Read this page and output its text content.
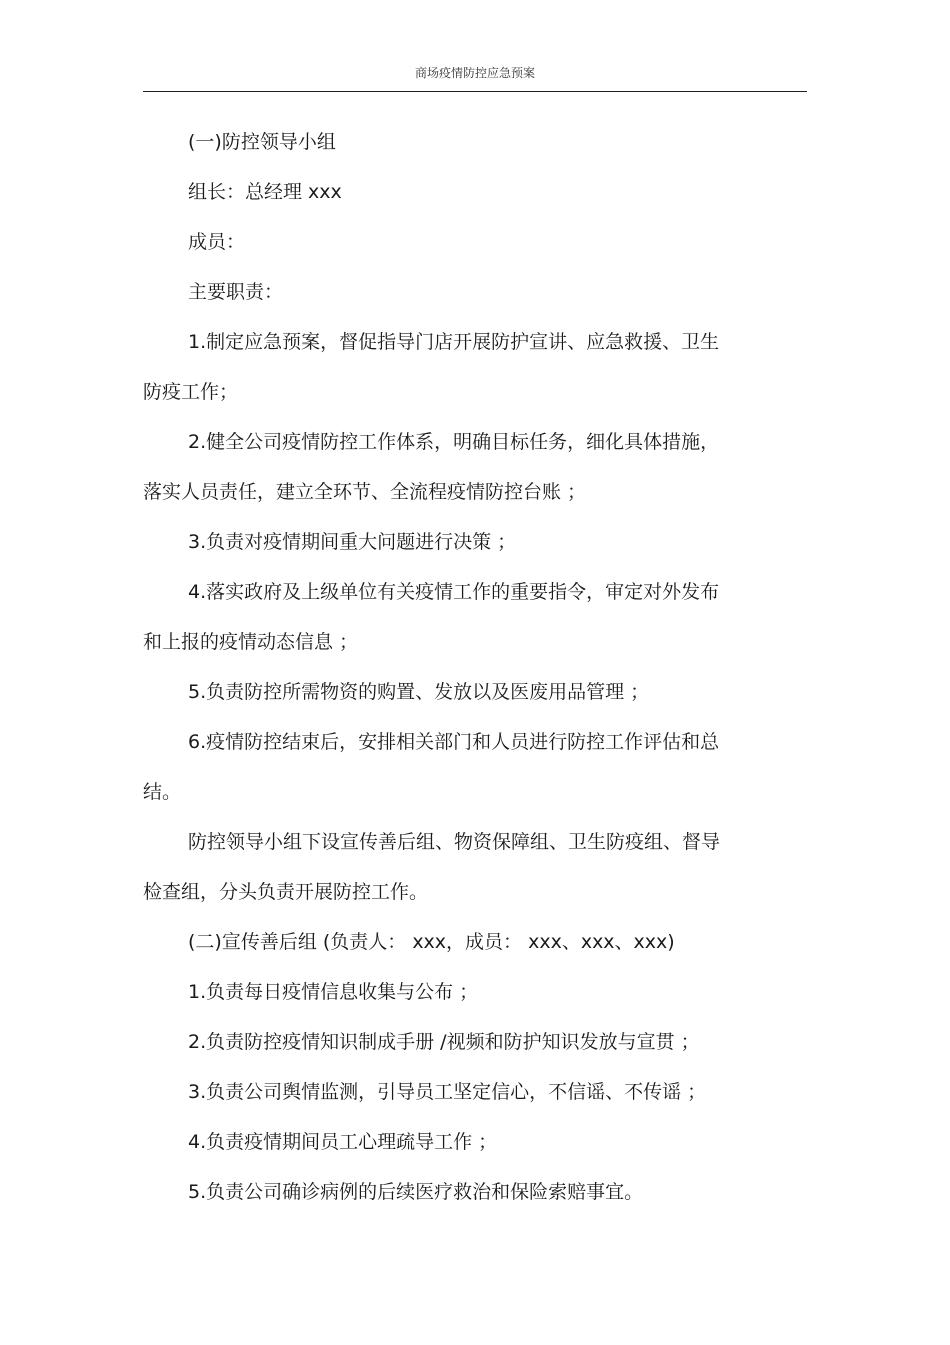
商场疫情防控应急预案
(一)防控领导小组
组长：总经理 xxx
成员：
主要职责：
1.制定应急预案，督促指导门店开展防护宣讲、应急救援、卫生
防疫工作；
2.健全公司疫情防控工作体系，明确目标任务，细化具体措施，
落实人员责任，建立全环节、全流程疫情防控台账 ；
3.负责对疫情期间重大问题进行决策 ；
4.落实政府及上级单位有关疫情工作的重要指令，审定对外发布
和上报的疫情动态信息 ；
5.负责防控所需物资的购置、发放以及医废用品管理 ；
6.疫情防控结束后，安排相关部门和人员进行防控工作评估和总
结。
防控领导小组下设宣传善后组、物资保障组、卫生防疫组、督导
检查组，分头负责开展防控工作。
(二)宣传善后组 (负责人： xxx，成员： xxx、xxx、xxx)
1.负责每日疫情信息收集与公布 ；
2.负责防控疫情知识制成手册 /视频和防护知识发放与宣贯 ；
3.负责公司舆情监测，引导员工坚定信心，不信谣、不传谣 ；
4.负责疫情期间员工心理疏导工作 ；
5.负责公司确诊病例的后续医疗救治和保险索赔事宜。
